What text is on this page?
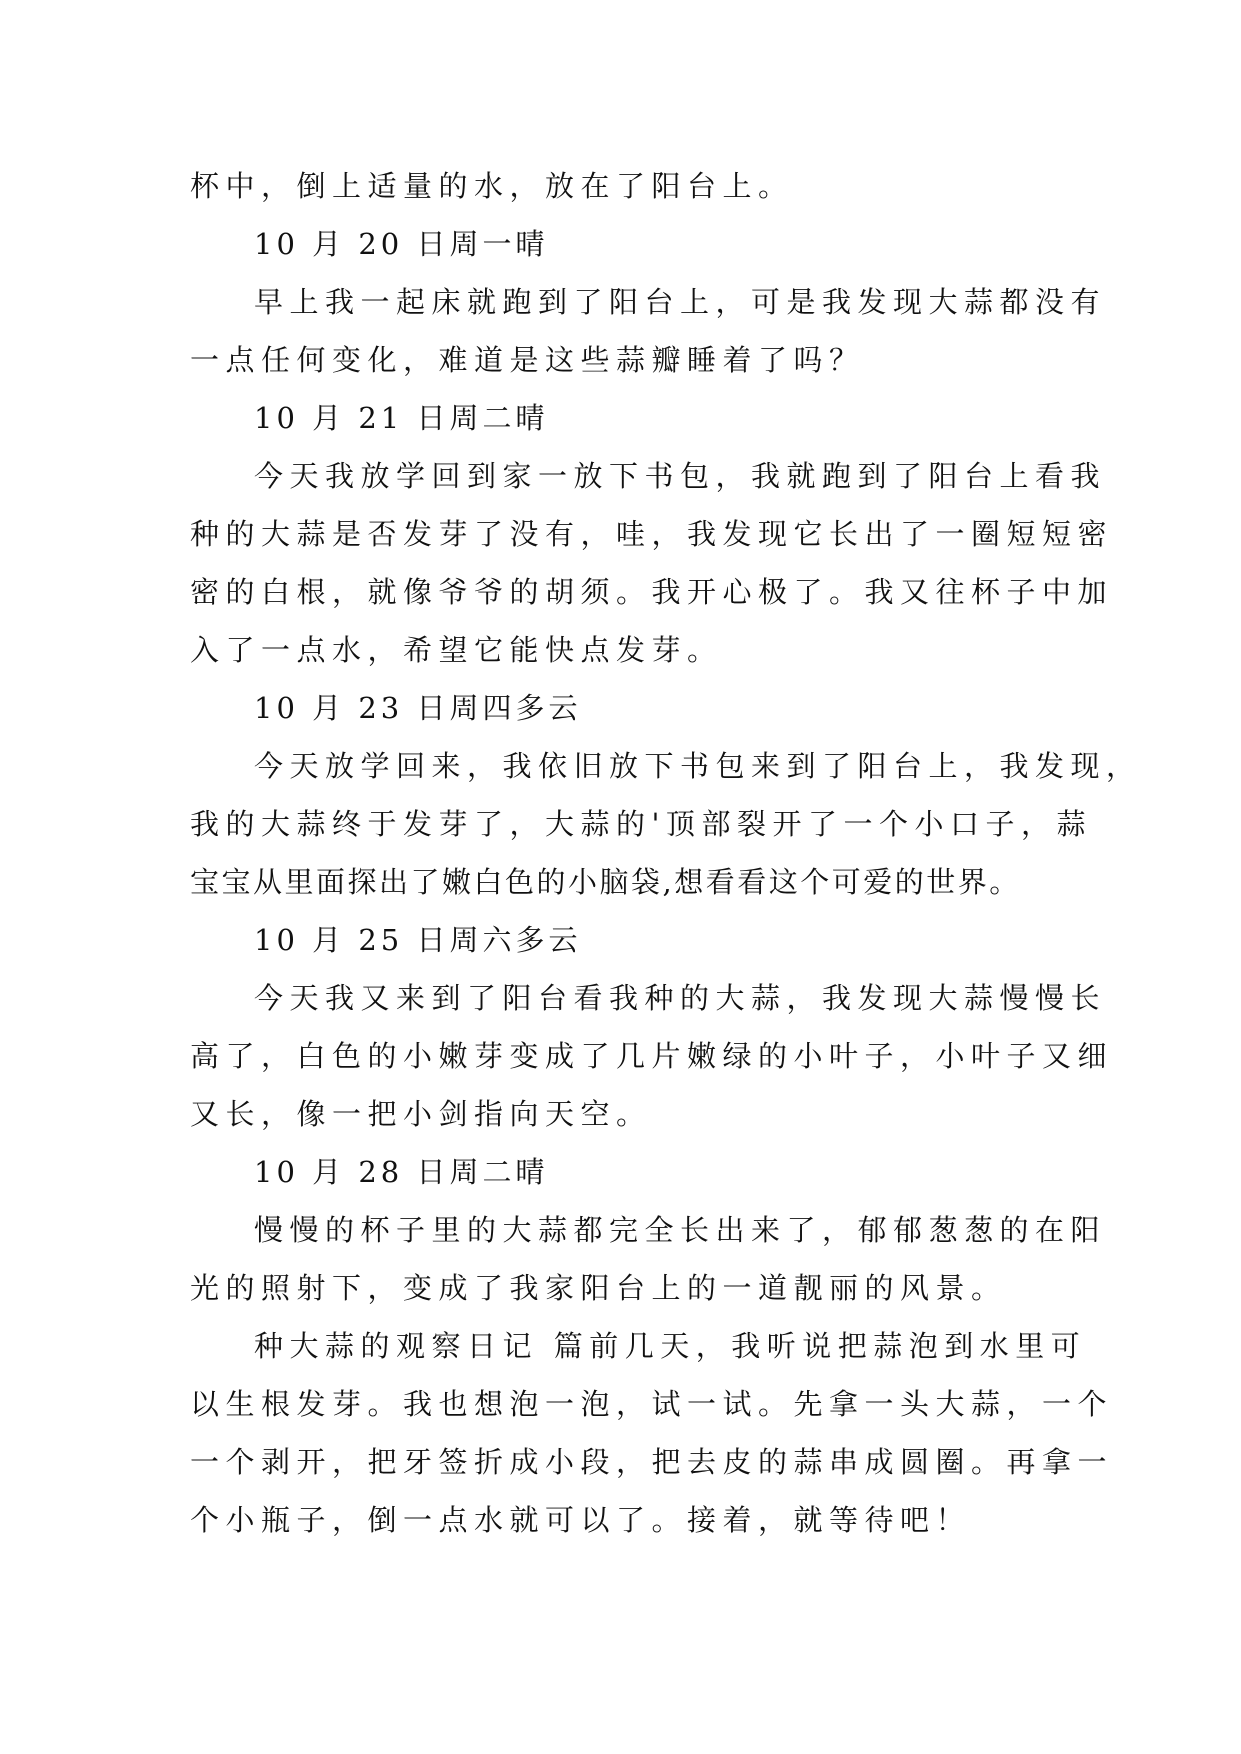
杯中，倒上适量的水，放在了阳台上。
10 月 20 日周一晴
早上我一起床就跑到了阳台上，可是我发现大蒜都没有
一点任何变化，难道是这些蒜瓣睡着了吗？
10 月 21 日周二晴
今天我放学回到家一放下书包，我就跑到了阳台上看我
种的大蒜是否发芽了没有，哇，我发现它长出了一圈短短密
密的白根，就像爷爷的胡须。我开心极了。我又往杯子中加
入了一点水，希望它能快点发芽。
10 月 23 日周四多云
今天放学回来，我依旧放下书包来到了阳台上，我发现，
我的大蒜终于发芽了，大蒜的'顶部裂开了一个小口子，蒜
宝宝从里面探出了嫩白色的小脑袋,想看看这个可爱的世界。
10 月 25 日周六多云
今天我又来到了阳台看我种的大蒜，我发现大蒜慢慢长
高了，白色的小嫩芽变成了几片嫩绿的小叶子，小叶子又细
又长，像一把小剑指向天空。
10 月 28 日周二晴
慢慢的杯子里的大蒜都完全长出来了，郁郁葱葱的在阳
光的照射下，变成了我家阳台上的一道靓丽的风景。
种大蒜的观察日记 篇前几天，我听说把蒜泡到水里可
以生根发芽。我也想泡一泡，试一试。先拿一头大蒜，一个
一个剥开，把牙签折成小段，把去皮的蒜串成圆圈。再拿一
个小瓶子，倒一点水就可以了。接着，就等待吧！
